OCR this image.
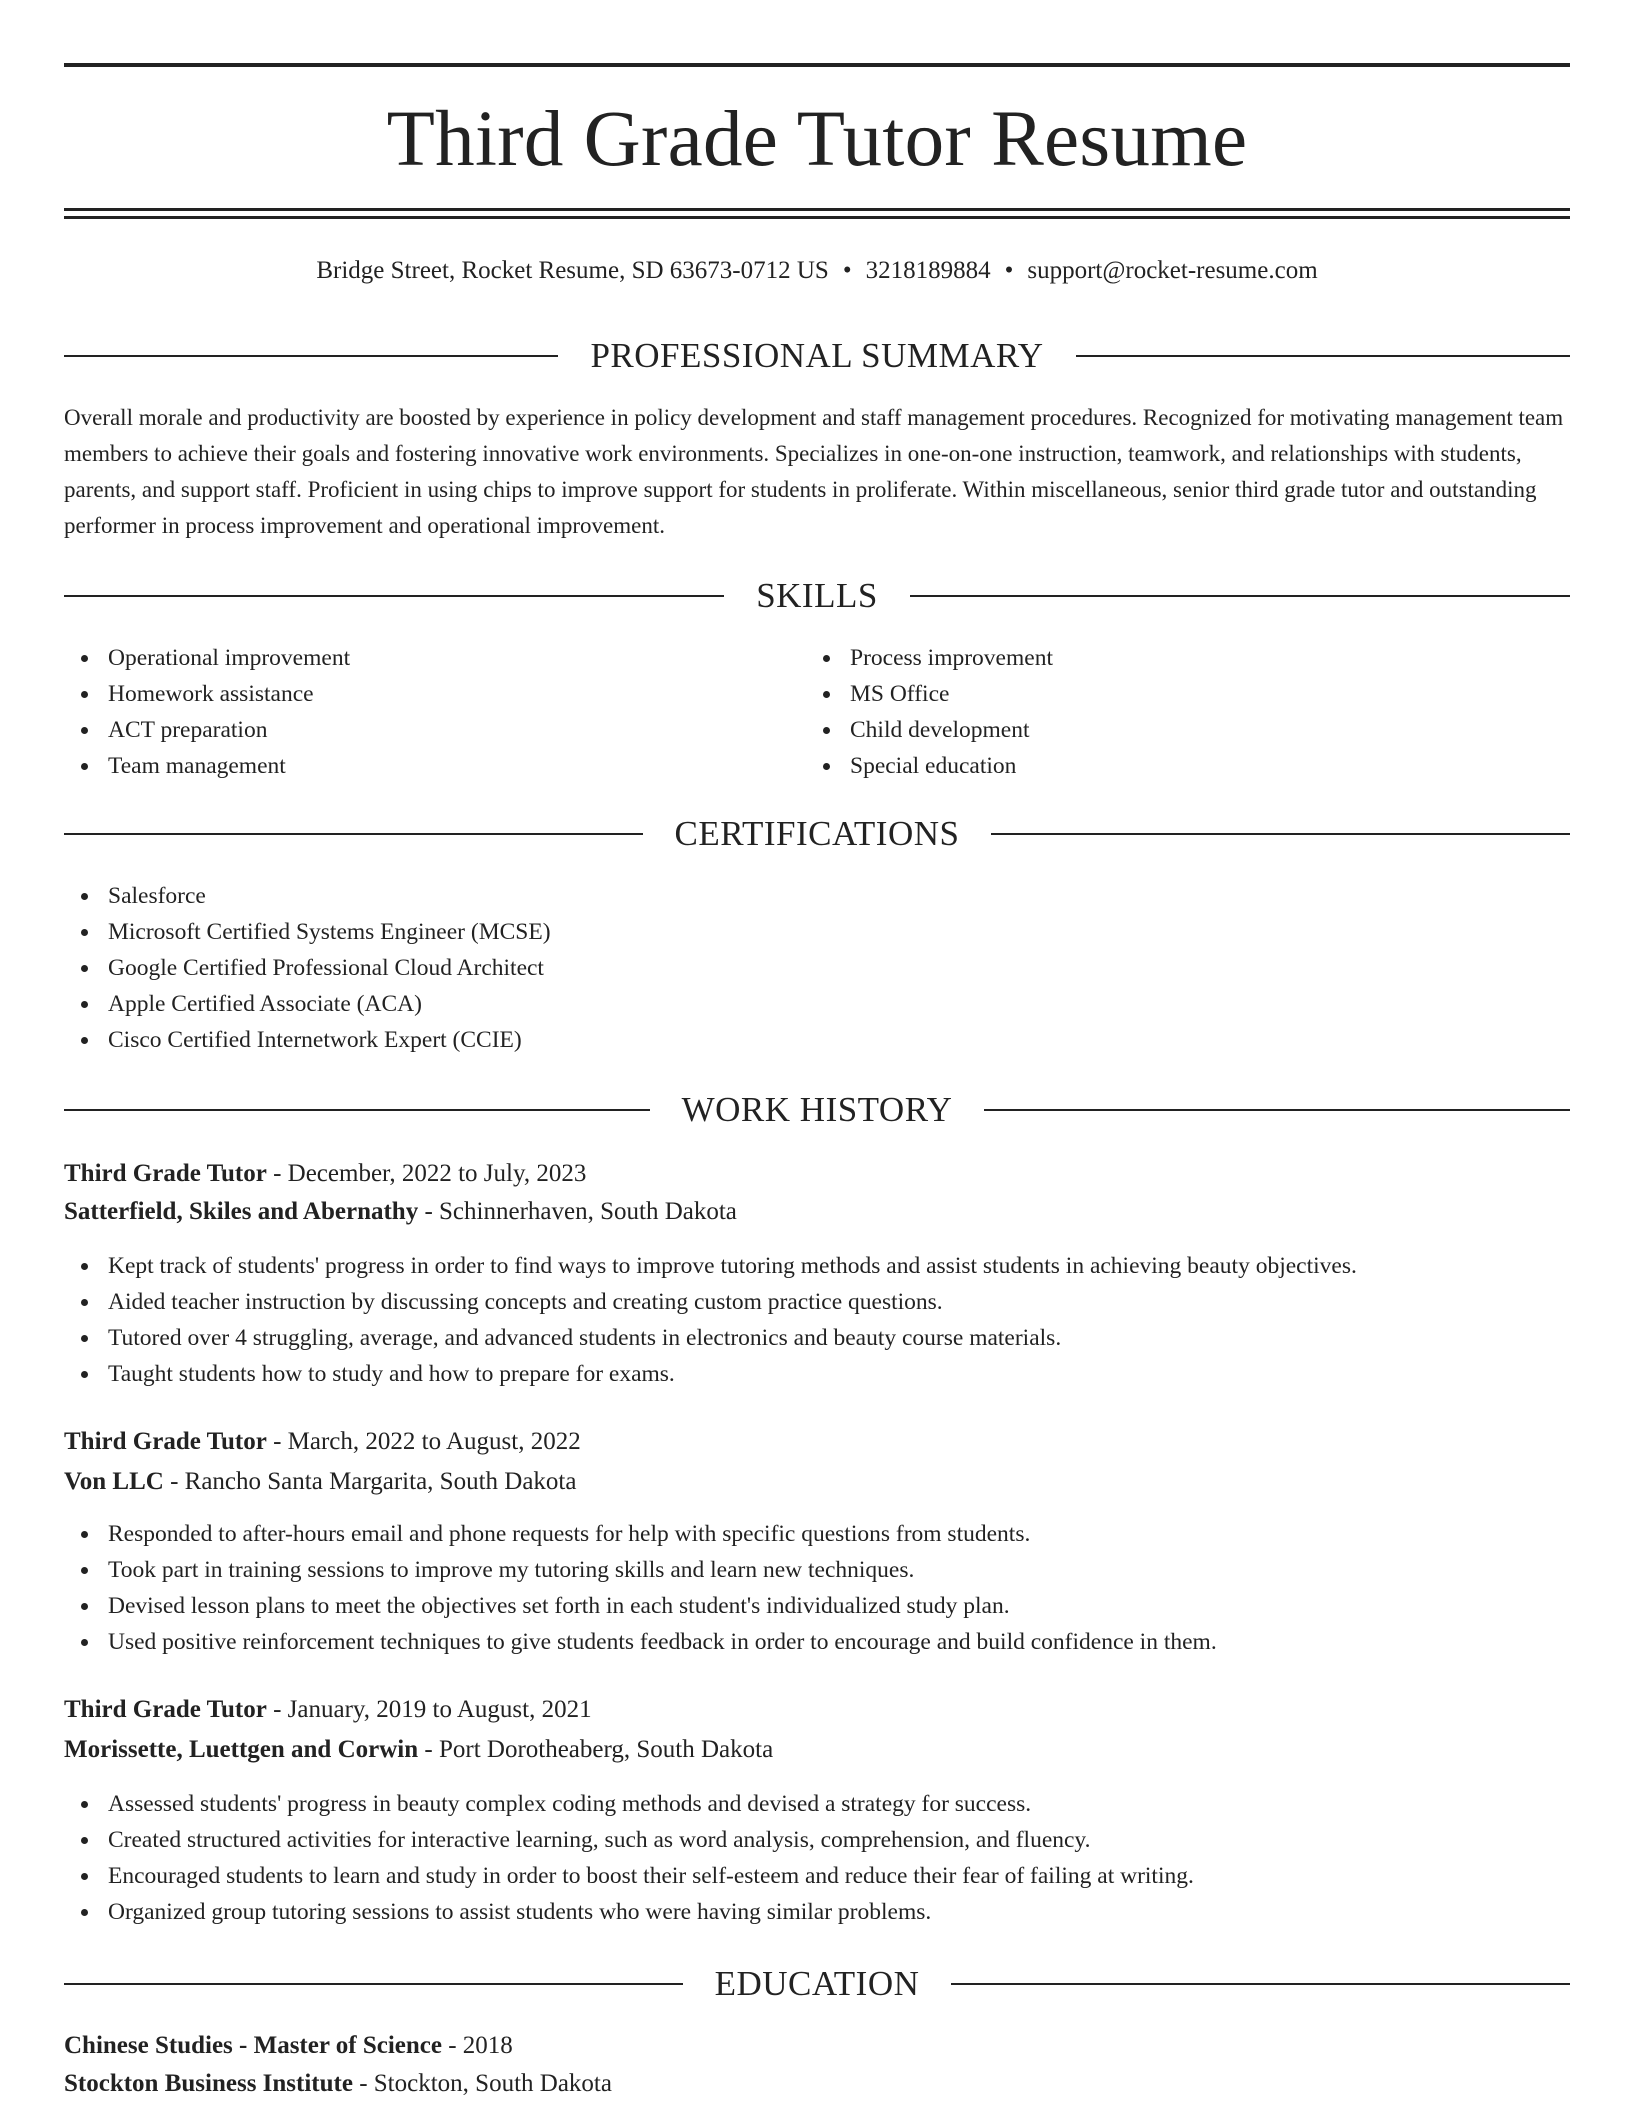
Third Grade Tutor Resume
Bridge Street, Rocket Resume, SD 63673-0712 US • 3218189884 • support@rocket-resume.com
PROFESSIONAL SUMMARY
Overall morale and productivity are boosted by experience in policy development and staff management procedures. Recognized for motivating management team members to achieve their goals and fostering innovative work environments. Specializes in one-on-one instruction, teamwork, and relationships with students, parents, and support staff. Proficient in using chips to improve support for students in proliferate. Within miscellaneous, senior third grade tutor and outstanding performer in process improvement and operational improvement.
SKILLS
Operational improvement
Homework assistance
ACT preparation
Team management
Process improvement
MS Office
Child development
Special education
CERTIFICATIONS
Salesforce
Microsoft Certified Systems Engineer (MCSE)
Google Certified Professional Cloud Architect
Apple Certified Associate (ACA)
Cisco Certified Internetwork Expert (CCIE)
WORK HISTORY
Third Grade Tutor - December, 2022 to July, 2023
Satterfield, Skiles and Abernathy - Schinnerhaven, South Dakota
Kept track of students' progress in order to find ways to improve tutoring methods and assist students in achieving beauty objectives.
Aided teacher instruction by discussing concepts and creating custom practice questions.
Tutored over 4 struggling, average, and advanced students in electronics and beauty course materials.
Taught students how to study and how to prepare for exams.
Third Grade Tutor - March, 2022 to August, 2022
Von LLC - Rancho Santa Margarita, South Dakota
Responded to after-hours email and phone requests for help with specific questions from students.
Took part in training sessions to improve my tutoring skills and learn new techniques.
Devised lesson plans to meet the objectives set forth in each student's individualized study plan.
Used positive reinforcement techniques to give students feedback in order to encourage and build confidence in them.
Third Grade Tutor - January, 2019 to August, 2021
Morissette, Luettgen and Corwin - Port Dorotheaberg, South Dakota
Assessed students' progress in beauty complex coding methods and devised a strategy for success.
Created structured activities for interactive learning, such as word analysis, comprehension, and fluency.
Encouraged students to learn and study in order to boost their self-esteem and reduce their fear of failing at writing.
Organized group tutoring sessions to assist students who were having similar problems.
EDUCATION
Chinese Studies - Master of Science - 2018
Stockton Business Institute - Stockton, South Dakota
